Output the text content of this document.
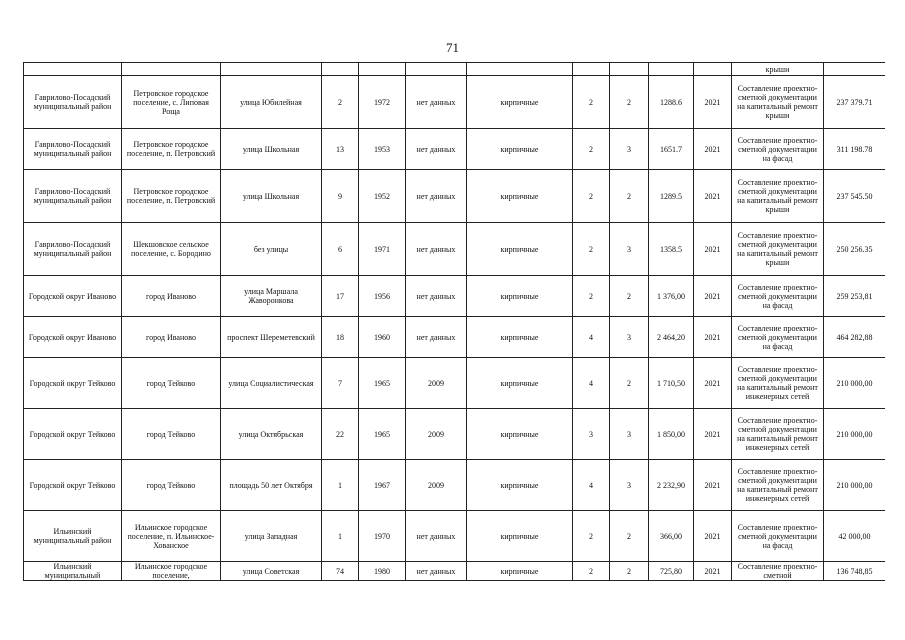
71
											крыши	
Гаврилово-Посадский муниципальный район	Петровское городское поселение, с. Липовая Роща	улица Юбилейная	2	1972	нет данных	кирпичные	2	2	1288.6	2021	Составление проектно-сметной документации на капитальный ремонт крыши	237 379.71
Гаврилово-Посадский муниципальный район	Петровское городское поселение, п. Петровский	улица Школьная	13	1953	нет данных	кирпичные	2	3	1651.7	2021	Составление проектно-сметной документации на фасад	311 198.78
Гаврилово-Посадский муниципальный район	Петровское городское поселение, п. Петровский	улица Школьная	9	1952	нет данных	кирпичные	2	2	1289.5	2021	Составление проектно-сметной документации на капитальный ремонт крыши	237 545.50
Гаврилово-Посадский муниципальный район	Шекшовское сельское поселение, с. Бородино	без улицы	6	1971	нет данных	кирпичные	2	3	1358.5	2021	Составление проектно-сметной документации на капитальный ремонт крыши	250 256.35
Городской округ Иваново	город Иваново	улица Маршала Жаворонкова	17	1956	нет данных	кирпичные	2	2	1 376,00	2021	Составление проектно-сметной документации на фасад	259 253,81
Городской округ Иваново	город Иваново	проспект Шереметевский	18	1960	нет данных	кирпичные	4	3	2 464,20	2021	Составление проектно-сметной документации на фасад	464 282,88
Городской округ Тейково	город Тейково	улица Социалистическая	7	1965	2009	кирпичные	4	2	1 710,50	2021	Составление проектно-сметной документации на капитальный ремонт инженерных сетей	210 000,00
Городской округ Тейково	город Тейково	улица Октябрьская	22	1965	2009	кирпичные	3	3	1 850,00	2021	Составление проектно-сметной документации на капитальный ремонт инженерных сетей	210 000,00
Городской округ Тейково	город Тейково	площадь 50 лет Октября	1	1967	2009	кирпичные	4	3	2 232,90	2021	Составление проектно-сметной документации на капитальный ремонт инженерных сетей	210 000,00
Ильинский муниципальный район	Ильинское городское поселение, п. Ильинское-Хованское	улица Западная	1	1970	нет данных	кирпичные	2	2	366,00	2021	Составление проектно-сметной документации на фасад	42 000,00
Ильинский муниципальный	Ильинское городское поселение,	улица Советская	74	1980	нет данных	кирпичные	2	2	725,80	2021	Составление проектно-сметной	136 748,85
